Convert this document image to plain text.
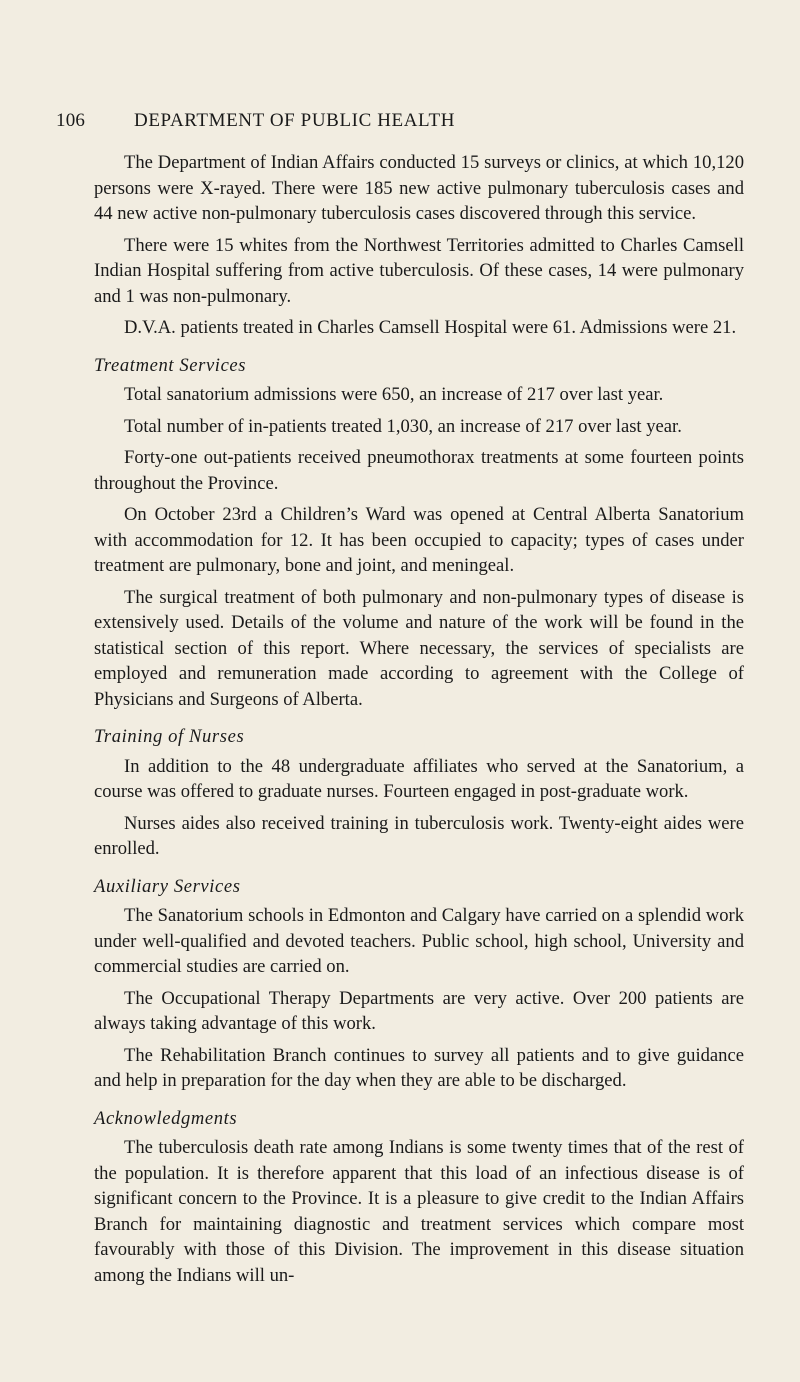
106	DEPARTMENT OF PUBLIC HEALTH

The Department of Indian Affairs conducted 15 surveys or clinics, at which 10,120 persons were X-rayed. There were 185 new active pulmonary tuberculosis cases and 44 new active non-pulmonary tuberculosis cases discovered through this service.

There were 15 whites from the Northwest Territories admitted to Charles Camsell Indian Hospital suffering from active tuberculosis. Of these cases, 14 were pulmonary and 1 was non-pulmonary.

D.V.A. patients treated in Charles Camsell Hospital were 61. Admissions were 21.

Treatment Services

Total sanatorium admissions were 650, an increase of 217 over last year.

Total number of in-patients treated 1,030, an increase of 217 over last year.

Forty-one out-patients received pneumothorax treatments at some fourteen points throughout the Province.

On October 23rd a Children’s Ward was opened at Central Alberta Sanatorium with accommodation for 12. It has been occupied to capacity; types of cases under treatment are pulmonary, bone and joint, and meningeal.

The surgical treatment of both pulmonary and non-pulmonary types of disease is extensively used. Details of the volume and nature of the work will be found in the statistical section of this report. Where necessary, the services of specialists are employed and remuneration made according to agreement with the College of Physicians and Surgeons of Alberta.

Training of Nurses

In addition to the 48 undergraduate affiliates who served at the Sanatorium, a course was offered to graduate nurses. Fourteen engaged in post-graduate work.

Nurses aides also received training in tuberculosis work. Twenty-eight aides were enrolled.

Auxiliary Services

The Sanatorium schools in Edmonton and Calgary have carried on a splendid work under well-qualified and devoted teachers. Public school, high school, University and commercial studies are carried on.

The Occupational Therapy Departments are very active. Over 200 patients are always taking advantage of this work.

The Rehabilitation Branch continues to survey all patients and to give guidance and help in preparation for the day when they are able to be discharged.

Acknowledgments

The tuberculosis death rate among Indians is some twenty times that of the rest of the population. It is therefore apparent that this load of an infectious disease is of significant concern to the Province. It is a pleasure to give credit to the Indian Affairs Branch for maintaining diagnostic and treatment services which compare most favourably with those of this Division. The improvement in this disease situation among the Indians will un-
